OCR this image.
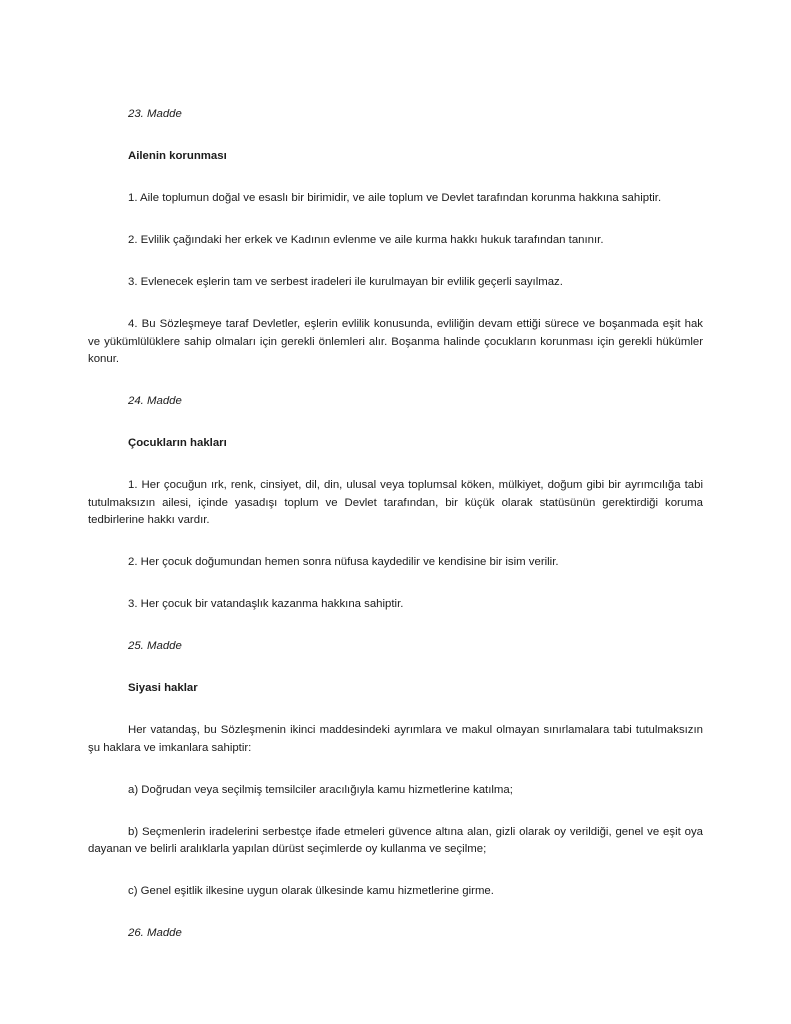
23. Madde

Ailenin korunması

1. Aile toplumun doğal ve esaslı bir birimidir, ve aile toplum ve Devlet tarafından korunma hakkına sahiptir.

2. Evlilik çağındaki her erkek ve Kadının evlenme ve aile kurma hakkı hukuk tarafından tanınır.

3. Evlenecek eşlerin tam ve serbest iradeleri ile kurulmayan bir evlilik geçerli sayılmaz.

4. Bu Sözleşmeye taraf Devletler, eşlerin evlilik konusunda, evliliğin devam ettiği sürece ve boşanmada eşit hak ve yükümlülüklere sahip olmaları için gerekli önlemleri alır. Boşanma halinde çocukların korunması için gerekli hükümler konur.

24. Madde

Çocukların hakları

1. Her çocuğun ırk, renk, cinsiyet, dil, din, ulusal veya toplumsal köken, mülkiyet, doğum gibi bir ayrımcılığa tabi tutulmaksızın ailesi, içinde yasadışı toplum ve Devlet tarafından, bir küçük olarak statüsünün gerektirdiği koruma tedbirlerine hakkı vardır.

2. Her çocuk doğumundan hemen sonra nüfusa kaydedilir ve kendisine bir isim verilir.

3. Her çocuk bir vatandaşlık kazanma hakkına sahiptir.

25. Madde

Siyasi haklar

Her vatandaş, bu Sözleşmenin ikinci maddesindeki ayrımlara ve makul olmayan sınırlamalara tabi tutulmaksızın şu haklara ve imkanlara sahiptir:

a) Doğrudan veya seçilmiş temsilciler aracılığıyla kamu hizmetlerine katılma;

b) Seçmenlerin iradelerini serbestçe ifade etmeleri güvence altına alan, gizli olarak oy verildiği, genel ve eşit oya dayanan ve belirli aralıklarla yapılan dürüst seçimlerde oy kullanma ve seçilme;

c) Genel eşitlik ilkesine uygun olarak ülkesinde kamu hizmetlerine girme.

26. Madde
